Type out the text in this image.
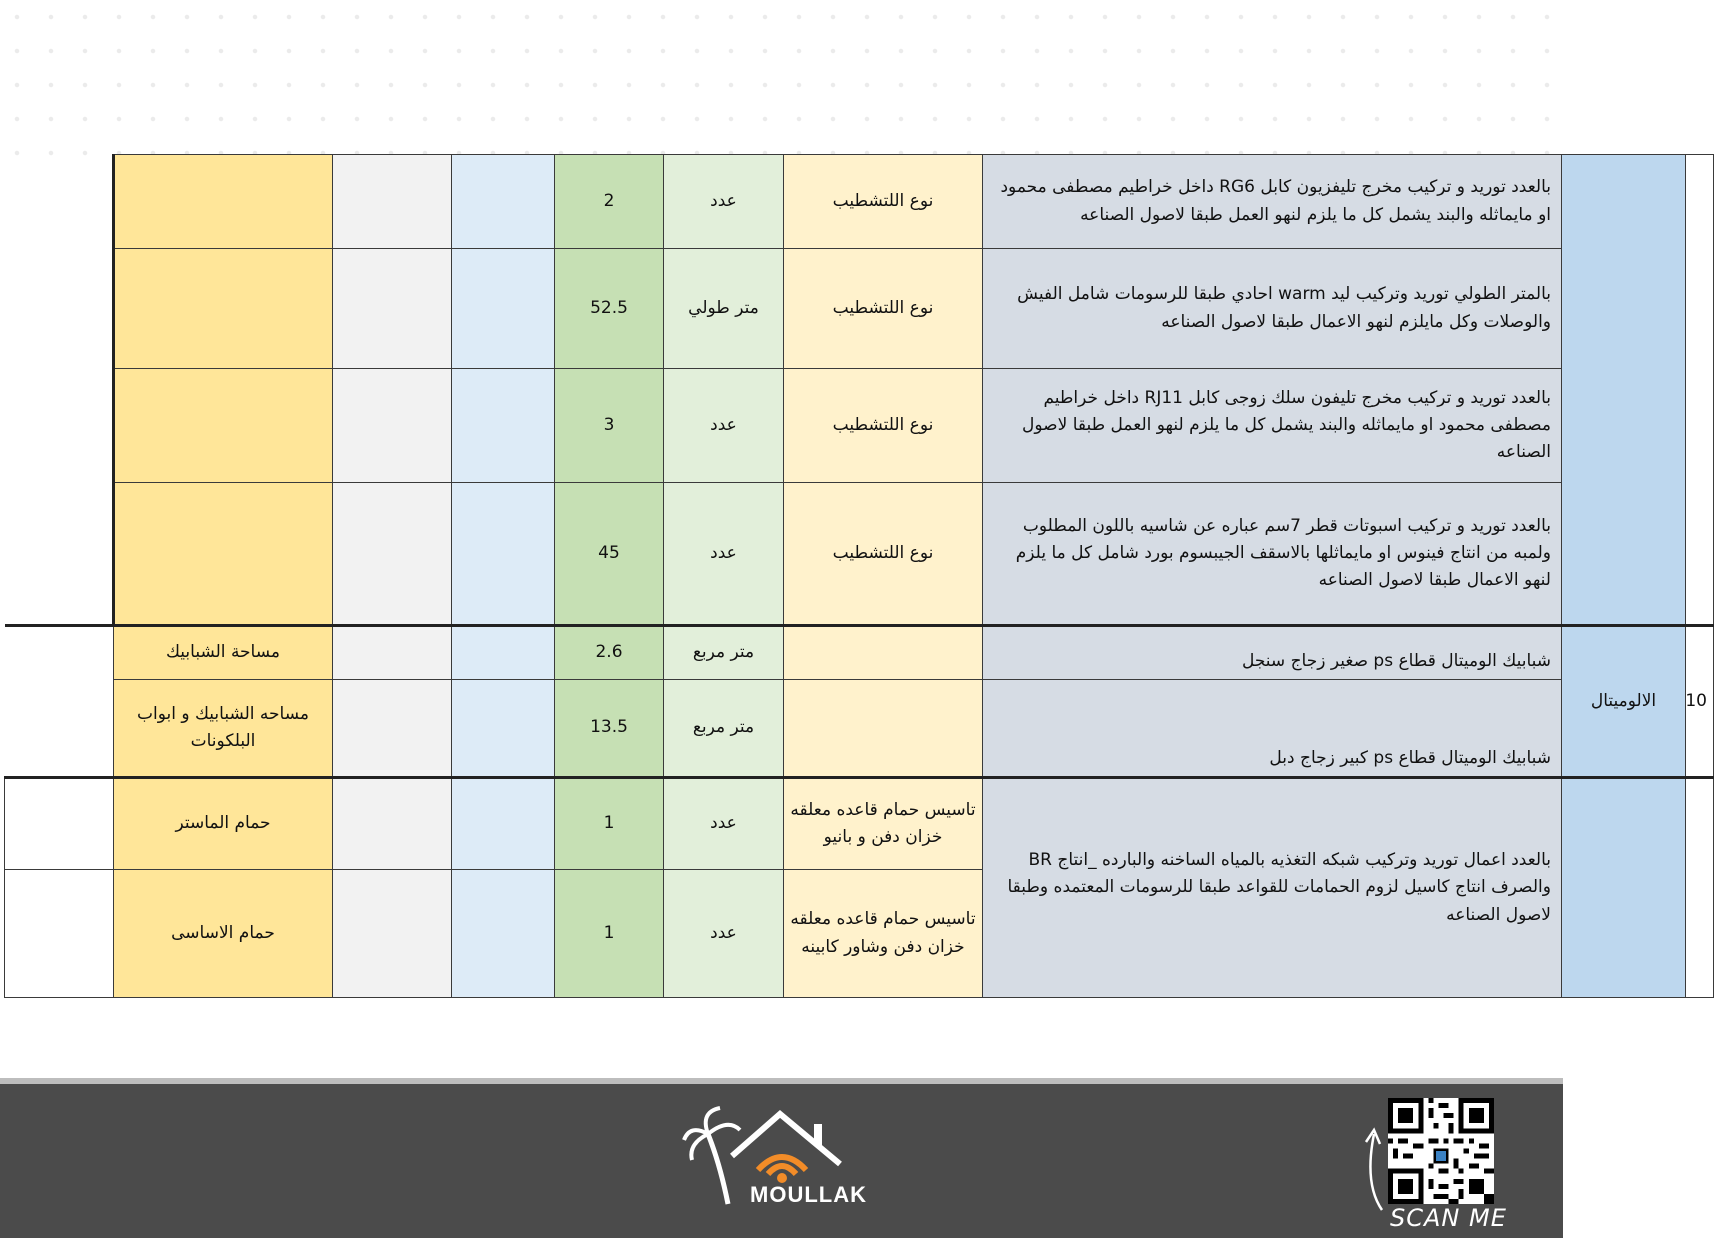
		بالعدد توريد و تركيب مخرج تليفزيون كابل RG6 داخل خراطيم مصطفى محمود او مايماثله والبند يشمل كل ما يلزم لنهو العمل طبقا لاصول الصناعه	نوع اللتشطيب	عدد	2				
		بالمتر الطولي توريد وتركيب ليد warm احادي طبقا للرسومات شامل الفيش والوصلات وكل مايلزم لنهو الاعمال طبقا لاصول الصناعه	نوع اللتشطيب	متر طولي	52.5				
		بالعدد توريد و تركيب مخرج تليفون سلك زوجى كابل RJ11 داخل خراطيم مصطفى محمود او مايماثله والبند يشمل كل ما يلزم لنهو العمل طبقا لاصول الصناعه	نوع اللتشطيب	عدد	3				
		بالعدد توريد و تركيب اسبوتات قطر 7سم عباره عن شاسيه باللون المطلوب ولمبه من انتاج فينوس او مايماثلها بالاسقف الجيبسوم بورد شامل كل ما يلزم لنهو الاعمال طبقا لاصول الصناعه	نوع اللتشطيب	عدد	45				
10	الالوميتال	شبابيك الوميتال قطاع ps صغير زجاج سنجل		متر مربع	2.6			مساحة الشبابيك	
		شبابيك الوميتال قطاع ps كبير زجاج دبل		متر مربع	13.5			مساحه الشبابيك و ابواب البلكونات	
		بالعدد اعمال توريد وتركيب شبكه التغذيه بالمياه الساخنه والبارده _انتاج BR والصرف انتاج كاسيل لزوم الحمامات للقواعد طبقا للرسومات المعتمده وطبقا لاصول الصناعه	تاسيس حمام قاعده معلقه خزان دفن و بانيو	عدد	1			حمام الماستر	
			تاسيس حمام قاعده معلقه خزان دفن وشاور كابينه	عدد	1			حمام الاساسى	
MOULLAK
SCAN ME
